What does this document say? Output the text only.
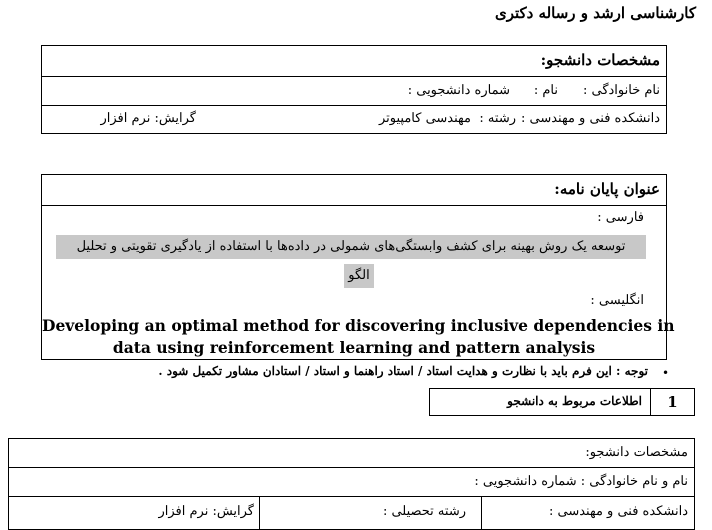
کارشناسی ارشد و رساله دکتری
مشخصات دانشجو:
نام خانوادگی :
نام :
شماره دانشجویی :
دانشکده فنی و مهندسی :
رشته :
مهندسی کامپیوتر
گرایش: نرم افزار
عنوان پایان نامه:
فارسی :
توسعه یک روش بهینه برای کشف وابستگی‌های شمولی در داده‌ها با استفاده از یادگیری تقویتی و تحلیل
الگو
انگلیسی :
Developing an optimal method for discovering inclusive dependencies in
data using reinforcement learning and pattern analysis
•
توجه : این فرم باید با نظارت و هدایت استاد / استاد راهنما و استاد / استادان مشاور تکمیل شود .
1
اطلاعات مربوط به دانشجو
مشخصات دانشجو:
نام و نام خانوادگی : شماره دانشجویی :
دانشکده فنی و مهندسی :
رشته تحصیلی :
گرایش: نرم افزار
